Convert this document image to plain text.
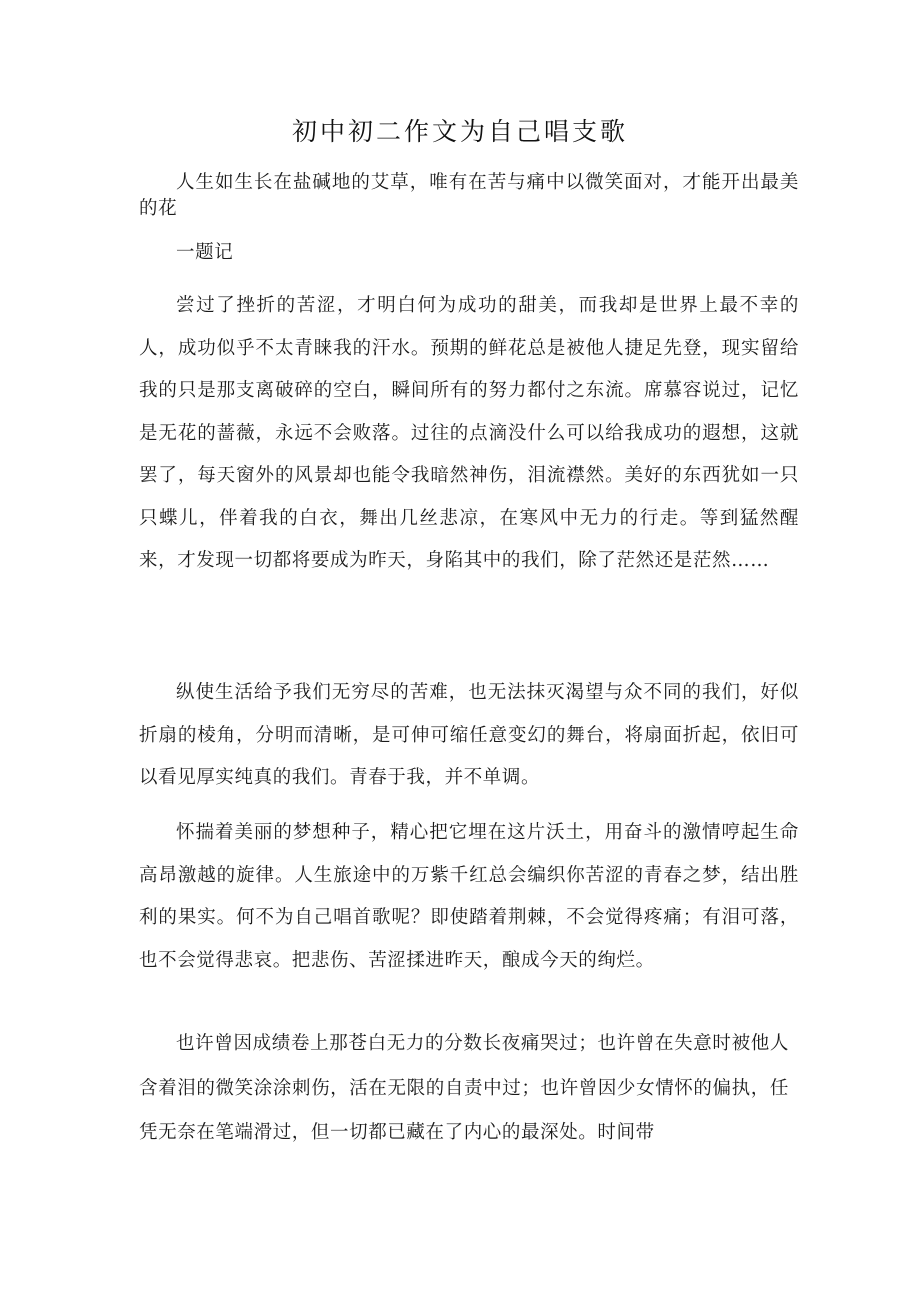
初中初二作文为自己唱支歌

人生如生长在盐碱地的艾草，唯有在苦与痛中以微笑面对，才能开出最美的花

一题记

尝过了挫折的苦涩，才明白何为成功的甜美，而我却是世界上最不幸的人，成功似乎不太青睐我的汗水。预期的鲜花总是被他人捷足先登，现实留给我的只是那支离破碎的空白，瞬间所有的努力都付之东流。席慕容说过，记忆是无花的蔷薇，永远不会败落。过往的点滴没什么可以给我成功的遐想，这就罢了，每天窗外的风景却也能令我暗然神伤，泪流襟然。美好的东西犹如一只只蝶儿，伴着我的白衣，舞出几丝悲凉，在寒风中无力的行走。等到猛然醒来，才发现一切都将要成为昨天，身陷其中的我们，除了茫然还是茫然……

纵使生活给予我们无穷尽的苦难，也无法抹灭渴望与众不同的我们，好似折扇的棱角，分明而清晰，是可伸可缩任意变幻的舞台，将扇面折起，依旧可以看见厚实纯真的我们。青春于我，并不单调。

怀揣着美丽的梦想种子，精心把它埋在这片沃土，用奋斗的激情哼起生命高昂激越的旋律。人生旅途中的万紫千红总会编织你苦涩的青春之梦，结出胜利的果实。何不为自己唱首歌呢？即使踏着荆棘，不会觉得疼痛；有泪可落，也不会觉得悲哀。把悲伤、苦涩揉进昨天，酿成今天的绚烂。

也许曾因成绩卷上那苍白无力的分数长夜痛哭过；也许曾在失意时被他人含着泪的微笑涂涂刺伤，活在无限的自责中过；也许曾因少女情怀的偏执，任凭无奈在笔端滑过，但一切都已藏在了内心的最深处。时间带
